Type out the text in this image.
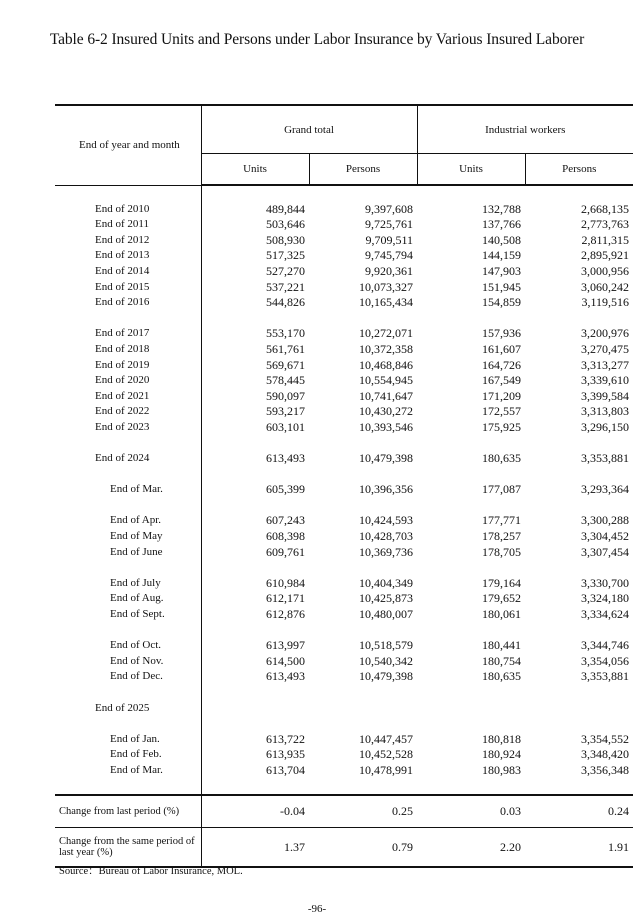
Table 6-2 Insured Units and Persons under Labor Insurance by Various Insured Laborer
End of year and month	Grand total		Industrial workers	
	Units	Persons	Units	Persons

End of 2010	489,844	9,397,608	132,788	2,668,135
End of 2011	503,646	9,725,761	137,766	2,773,763
End of 2012	508,930	9,709,511	140,508	2,811,315
End of 2013	517,325	9,745,794	144,159	2,895,921
End of 2014	527,270	9,920,361	147,903	3,000,956
End of 2015	537,221	10,073,327	151,945	3,060,242
End of 2016	544,826	10,165,434	154,859	3,119,516

End of 2017	553,170	10,272,071	157,936	3,200,976
End of 2018	561,761	10,372,358	161,607	3,270,475
End of 2019	569,671	10,468,846	164,726	3,313,277
End of 2020	578,445	10,554,945	167,549	3,339,610
End of 2021	590,097	10,741,647	171,209	3,399,584
End of 2022	593,217	10,430,272	172,557	3,313,803
End of 2023	603,101	10,393,546	175,925	3,296,150

End of 2024	613,493	10,479,398	180,635	3,353,881

End of Mar.	605,399	10,396,356	177,087	3,293,364

End of Apr.	607,243	10,424,593	177,771	3,300,288
End of May	608,398	10,428,703	178,257	3,304,452
End of June	609,761	10,369,736	178,705	3,307,454

End of July	610,984	10,404,349	179,164	3,330,700
End of Aug.	612,171	10,425,873	179,652	3,324,180
End of Sept.	612,876	10,480,007	180,061	3,334,624

End of Oct.	613,997	10,518,579	180,441	3,344,746
End of Nov.	614,500	10,540,342	180,754	3,354,056
End of Dec.	613,493	10,479,398	180,635	3,353,881

End of 2025				

End of Jan.	613,722	10,447,457	180,818	3,354,552
End of Feb.	613,935	10,452,528	180,924	3,348,420
End of Mar.	613,704	10,478,991	180,983	3,356,348

Change from last period (%)	-0.04	0.25	0.03	0.24
Change from the same period of last year (%)	1.37	0.79	2.20	1.91
Source：Bureau of Labor Insurance, MOL.
-96-
